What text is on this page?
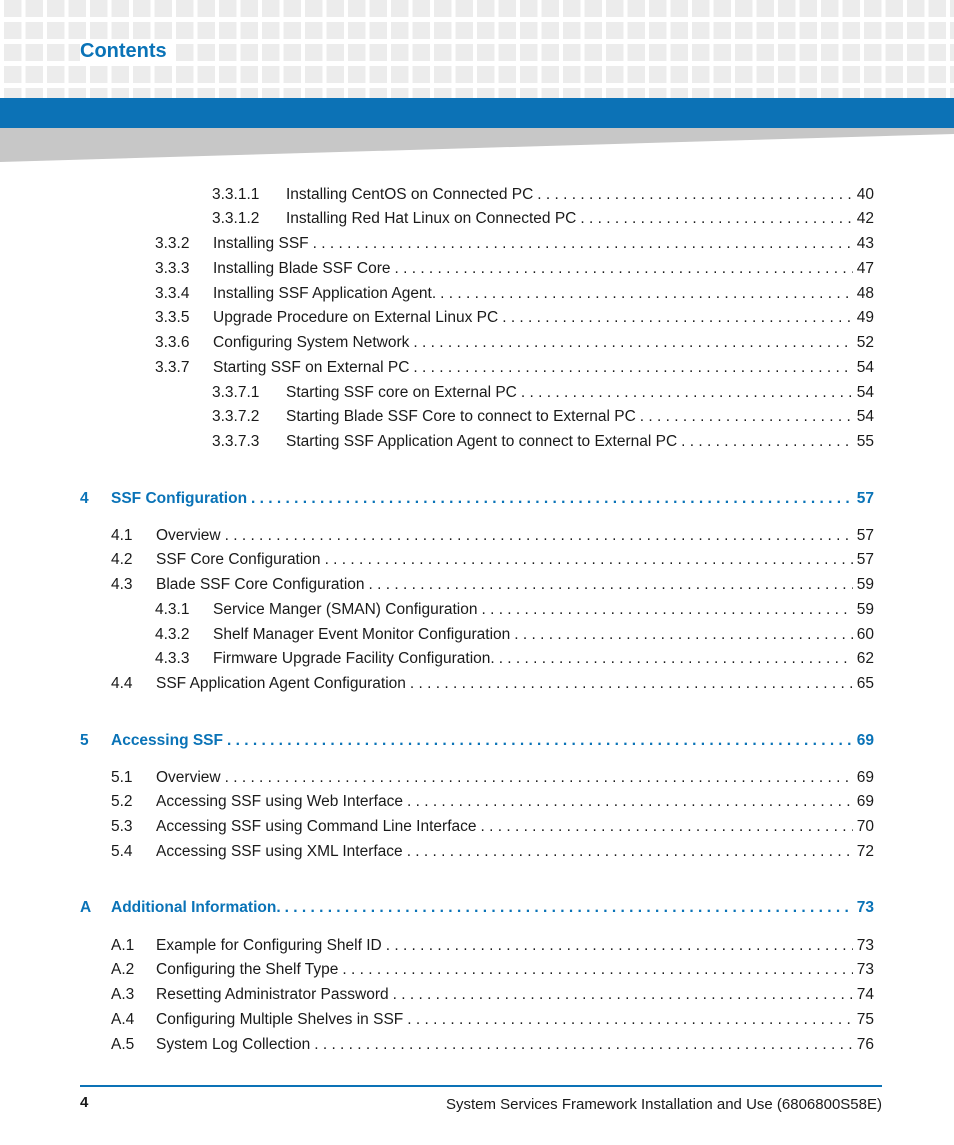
Contents
3.3.1.1	Installing CentOS on Connected PC . . .	40
3.3.1.2	Installing Red Hat Linux on Connected PC . . .	42
3.3.2	Installing SSF . . .	43
3.3.3	Installing Blade SSF Core . . .	47
3.3.4	Installing SSF Application Agent. . . .	48
3.3.5	Upgrade Procedure on External Linux PC . . .	49
3.3.6	Configuring System Network . . .	52
3.3.7	Starting SSF on External PC . . .	54
3.3.7.1	Starting SSF core on External PC . . .	54
3.3.7.2	Starting Blade SSF Core to connect to External PC . . .	54
3.3.7.3	Starting SSF Application Agent to connect to External PC . . .	55
4	SSF Configuration . . .	57
4.1	Overview . . .	57
4.2	SSF Core Configuration . . .	57
4.3	Blade SSF Core Configuration . . .	59
4.3.1	Service Manger (SMAN) Configuration . . .	59
4.3.2	Shelf Manager Event Monitor Configuration . . .	60
4.3.3	Firmware Upgrade Facility Configuration. . . .	62
4.4	SSF Application Agent Configuration . . .	65
5	Accessing SSF . . .	69
5.1	Overview . . .	69
5.2	Accessing SSF using Web Interface . . .	69
5.3	Accessing SSF using Command Line Interface . . .	70
5.4	Accessing SSF using XML Interface . . .	72
A	Additional Information. . . .	73
A.1	Example for Configuring Shelf ID . . .	73
A.2	Configuring the Shelf Type . . .	73
A.3	Resetting Administrator Password . . .	74
A.4	Configuring Multiple Shelves in SSF . . .	75
A.5	System Log Collection . . .	76
4	System Services Framework Installation and Use (6806800S58E)
